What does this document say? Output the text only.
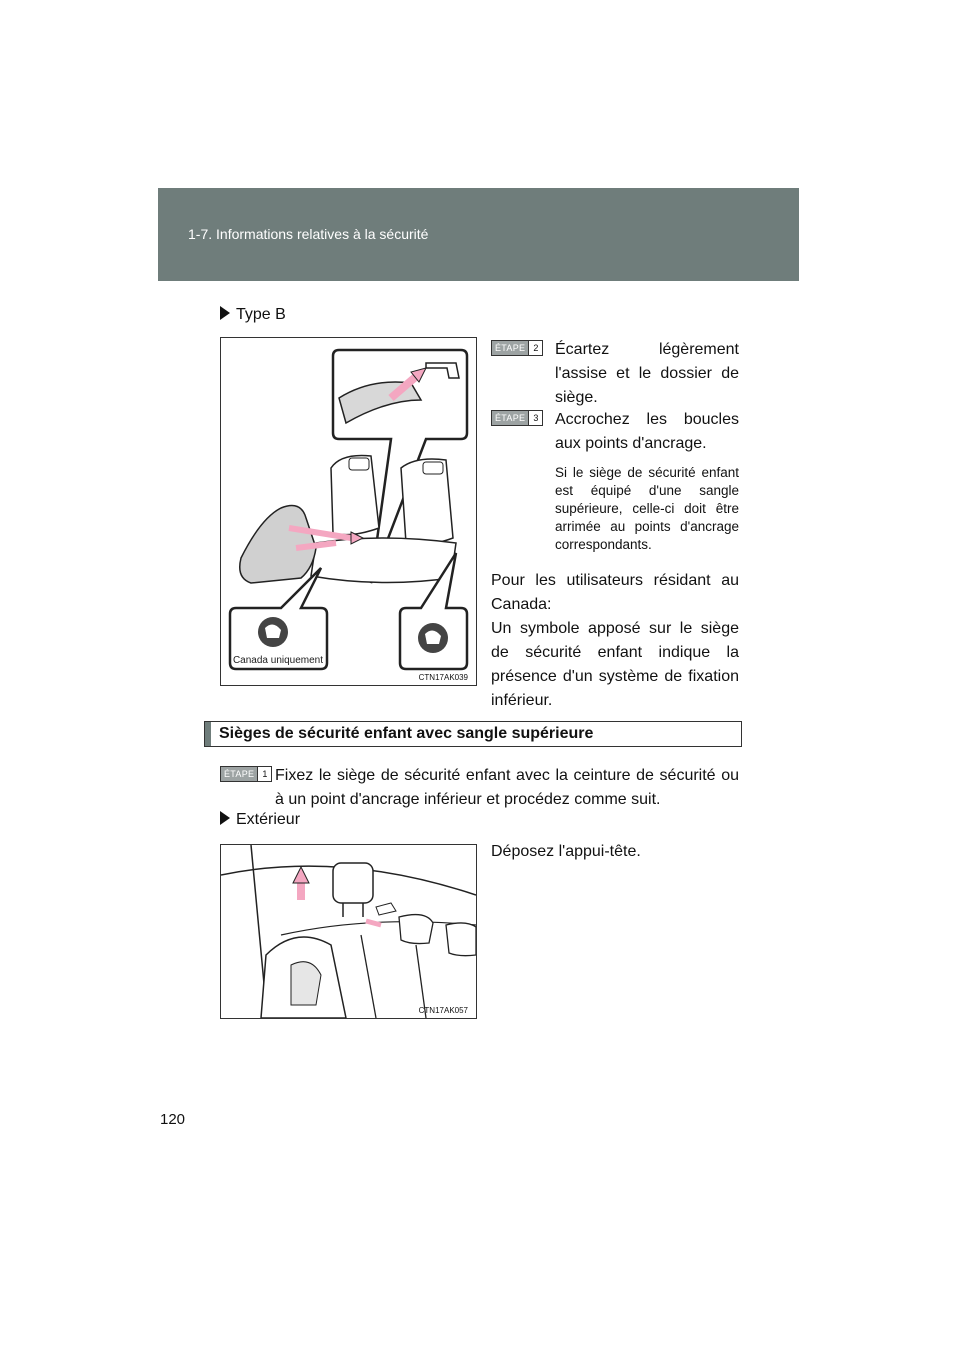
1-7. Informations relatives à la sécurité
Type B
Canada uniquement
CTN17AK039
ÉTAPE 2 Écartez légèrement l'assise et le dossier de siège.
ÉTAPE 3 Accrochez les boucles aux points d'ancrage.
Si le siège de sécurité enfant est équipé d'une sangle supérieure, celle-ci doit être arrimée au points d'ancrage correspondants.
Pour les utilisateurs résidant au Canada:
Un symbole apposé sur le siège de sécurité enfant indique la présence d'un système de fixation inférieur.
Sièges de sécurité enfant avec sangle supérieure
ÉTAPE 1 Fixez le siège de sécurité enfant avec la ceinture de sécurité ou à un point d'ancrage inférieur et procédez comme suit.
Extérieur
Déposez l'appui-tête.
CTN17AK057
120
